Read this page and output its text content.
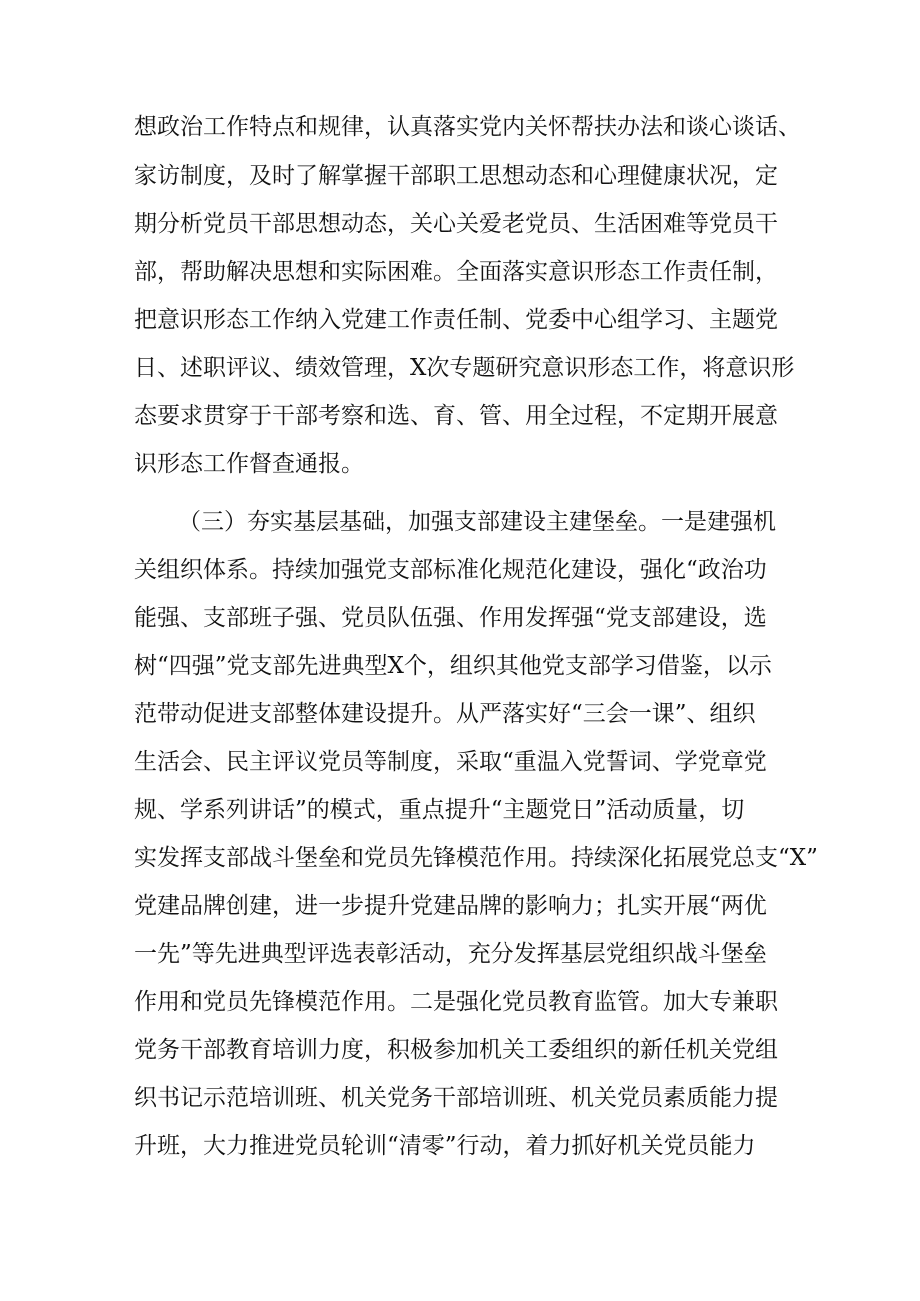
想政治工作特点和规律，认真落实党内关怀帮扶办法和谈心谈话、
家访制度，及时了解掌握干部职工思想动态和心理健康状况，定
期分析党员干部思想动态，关心关爱老党员、生活困难等党员干
部，帮助解决思想和实际困难。全面落实意识形态工作责任制，
把意识形态工作纳入党建工作责任制、党委中心组学习、主题党
日、述职评议、绩效管理，X次专题研究意识形态工作，将意识形
态要求贯穿于干部考察和选、育、管、用全过程，不定期开展意
识形态工作督查通报。
（三）夯实基层基础，加强支部建设主建堡垒。一是建强机
关组织体系。持续加强党支部标准化规范化建设，强化“政治功
能强、支部班子强、党员队伍强、作用发挥强“党支部建设，选
树“四强”党支部先进典型X个，组织其他党支部学习借鉴，以示
范带动促进支部整体建设提升。从严落实好“三会一课”、组织
生活会、民主评议党员等制度，采取“重温入党誓词、学党章党
规、学系列讲话”的模式，重点提升“主题党日”活动质量，切
实发挥支部战斗堡垒和党员先锋模范作用。持续深化拓展党总支“X”
党建品牌创建，进一步提升党建品牌的影响力；扎实开展“两优
一先”等先进典型评选表彰活动，充分发挥基层党组织战斗堡垒
作用和党员先锋模范作用。二是强化党员教育监管。加大专兼职
党务干部教育培训力度，积极参加机关工委组织的新任机关党组
织书记示范培训班、机关党务干部培训班、机关党员素质能力提
升班，大力推进党员轮训“清零”行动，着力抓好机关党员能力
